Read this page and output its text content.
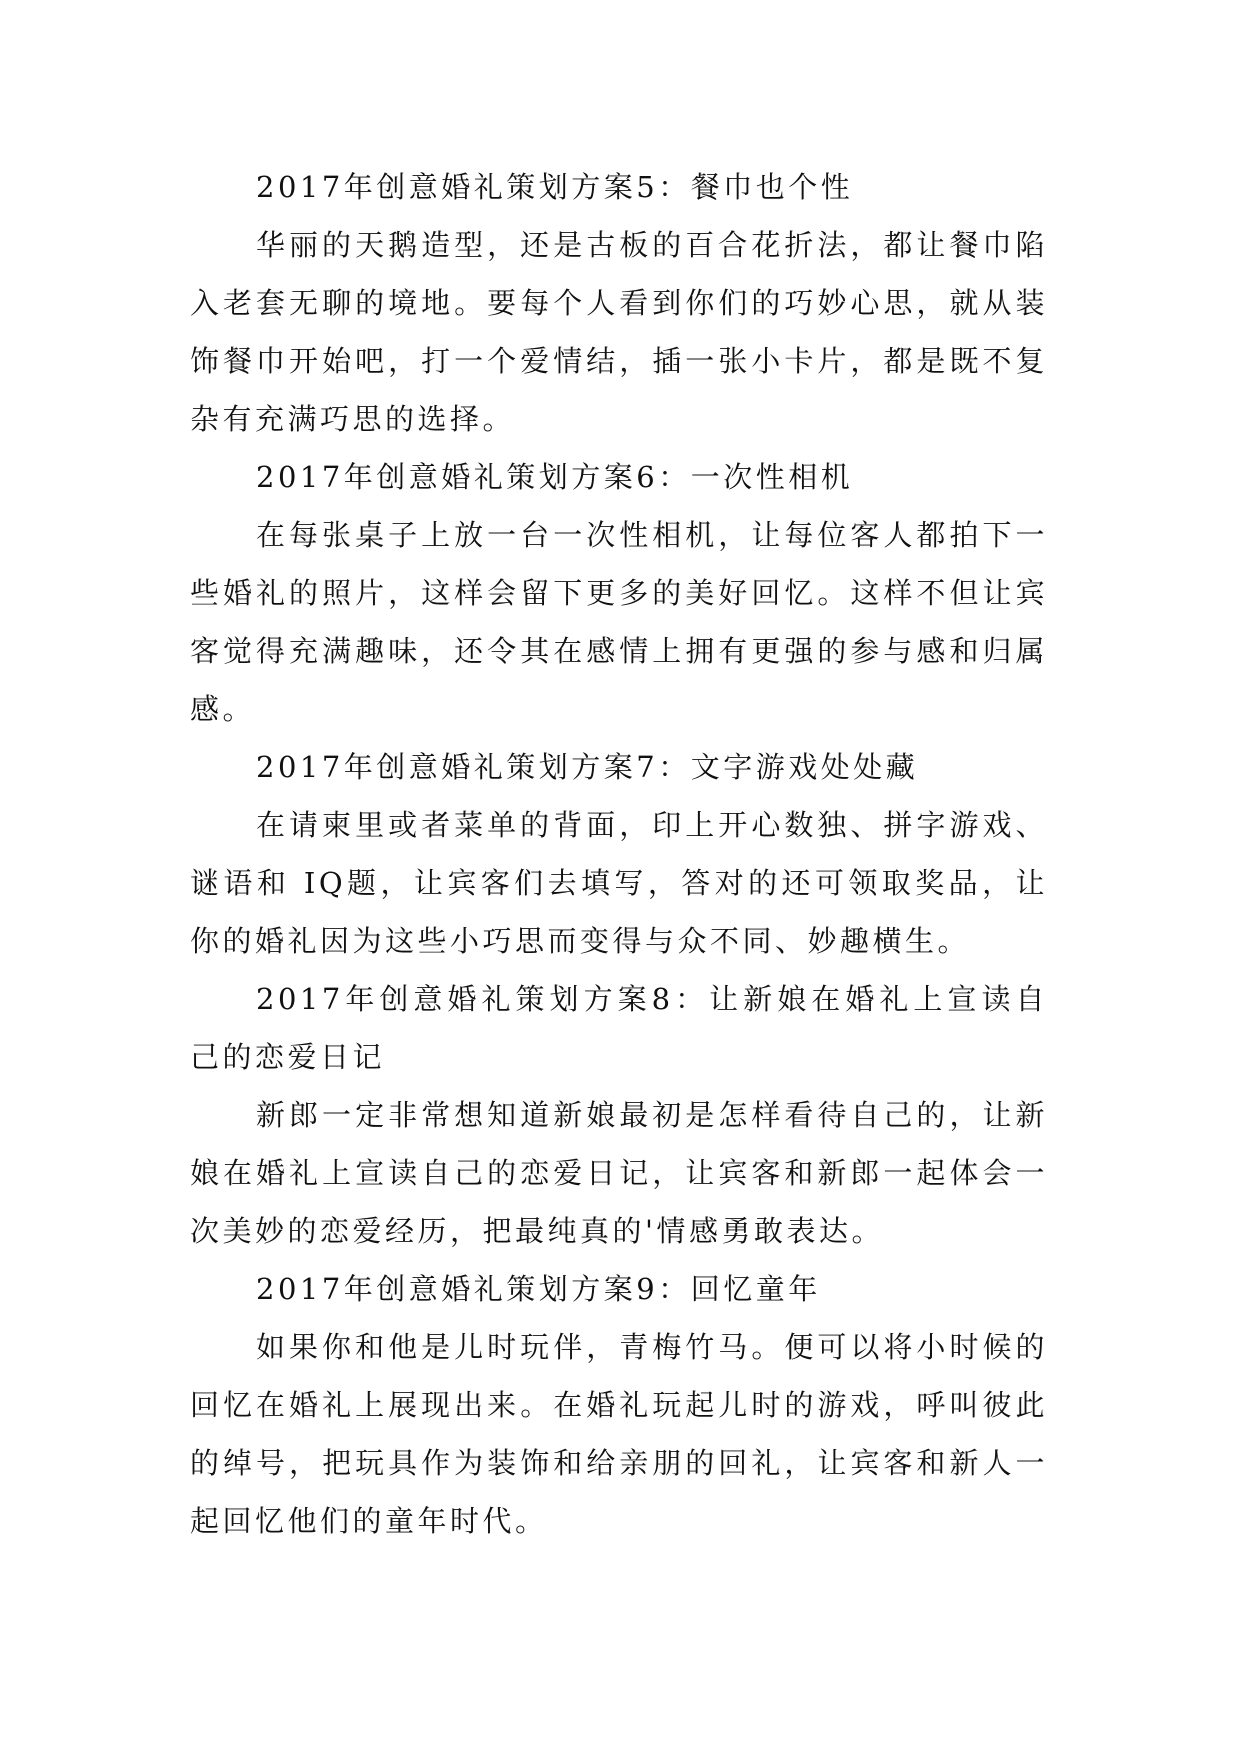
2017年创意婚礼策划方案5：餐巾也个性

华丽的天鹅造型，还是古板的百合花折法，都让餐巾陷入老套无聊的境地。要每个人看到你们的巧妙心思，就从装饰餐巾开始吧，打一个爱情结，插一张小卡片，都是既不复杂有充满巧思的选择。

2017年创意婚礼策划方案6：一次性相机

在每张桌子上放一台一次性相机，让每位客人都拍下一些婚礼的照片，这样会留下更多的美好回忆。这样不但让宾客觉得充满趣味，还令其在感情上拥有更强的参与感和归属感。

2017年创意婚礼策划方案7：文字游戏处处藏

在请柬里或者菜单的背面，印上开心数独、拼字游戏、谜语和 IQ题，让宾客们去填写，答对的还可领取奖品，让你的婚礼因为这些小巧思而变得与众不同、妙趣横生。

2017年创意婚礼策划方案8：让新娘在婚礼上宣读自己的恋爱日记

新郎一定非常想知道新娘最初是怎样看待自己的，让新娘在婚礼上宣读自己的恋爱日记，让宾客和新郎一起体会一次美妙的恋爱经历，把最纯真的'情感勇敢表达。

2017年创意婚礼策划方案9：回忆童年

如果你和他是儿时玩伴，青梅竹马。便可以将小时候的回忆在婚礼上展现出来。在婚礼玩起儿时的游戏，呼叫彼此的绰号，把玩具作为装饰和给亲朋的回礼，让宾客和新人一起回忆他们的童年时代。
